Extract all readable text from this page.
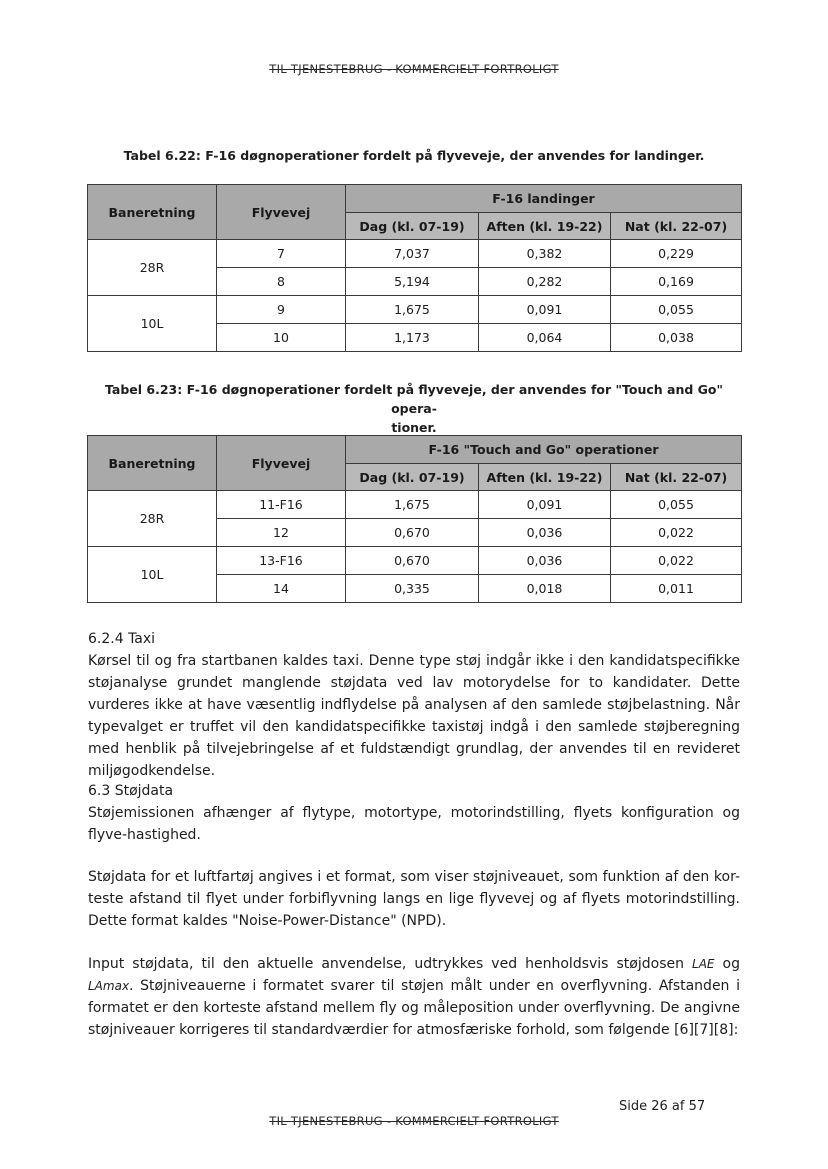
TIL TJENESTEBRUG - KOMMERCIELT FORTROLIGT
Tabel 6.22: F-16 døgnoperationer fordelt på flyveveje, der anvendes for landinger.
Baneretning	Flyvevej	F-16 landinger		
		Dag (kl. 07-19)	Aften (kl. 19-22)	Nat (kl. 22-07)
28R	7	7,037	0,382	0,229
	8	5,194	0,282	0,169
10L	9	1,675	0,091	0,055
	10	1,173	0,064	0,038
Tabel 6.23: F-16 døgnoperationer fordelt på flyveveje, der anvendes for "Touch and Go" opera-
tioner.
Baneretning	Flyvevej	F-16 "Touch and Go" operationer		
		Dag (kl. 07-19)	Aften (kl. 19-22)	Nat (kl. 22-07)
28R	11-F16	1,675	0,091	0,055
	12	0,670	0,036	0,022
10L	13-F16	0,670	0,036	0,022
	14	0,335	0,018	0,011
6.2.4 Taxi

Kørsel til og fra startbanen kaldes taxi. Denne type støj indgår ikke i den kandidatspecifikke støjanalyse grundet manglende støjdata ved lav motorydelse for to kandidater. Dette vurderes ikke at have væsentlig indflydelse på analysen af den samlede støjbelastning. Når typevalget er truffet vil den kandidatspecifikke taxistøj indgå i den samlede støjberegning med henblik på tilvejebringelse af et fuldstændigt grundlag, der anvendes til en revideret miljøgodkendelse.

6.3 Støjdata

Støjemissionen afhænger af flytype, motortype, motorindstilling, flyets konfiguration og flyve-hastighed.

Støjdata for et luftfartøj angives i et format, som viser støjniveauet, som funktion af den kor-teste afstand til flyet under forbiflyvning langs en lige flyvevej og af flyets motorindstilling. Dette format kaldes "Noise-Power-Distance" (NPD).

Input støjdata, til den aktuelle anvendelse, udtrykkes ved henholdsvis støjdosen LAE og LAmax. Støjniveauerne i formatet svarer til støjen målt under en overflyvning. Afstanden i formatet er den korteste afstand mellem fly og måleposition under overflyvning. De angivne støjniveauer korrigeres til standardværdier for atmosfæriske forhold, som følgende [6][7][8]:

Side 26 af 57
TIL TJENESTEBRUG - KOMMERCIELT FORTROLIGT
